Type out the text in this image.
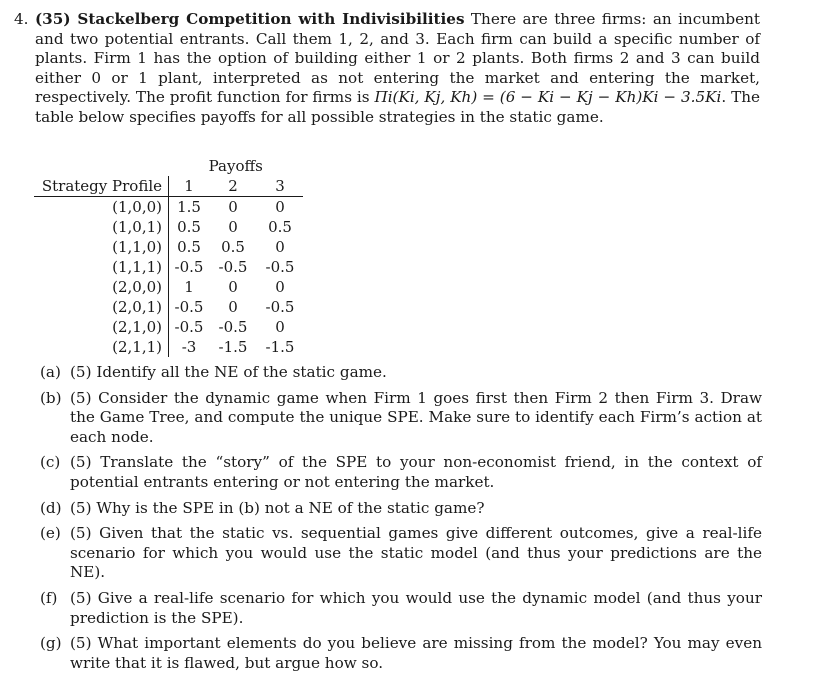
4. (35) Stackelberg Competition with Indivisibilities There are three firms: an incumbent and two potential entrants. Call them 1, 2, and 3. Each firm can build a specific number of plants. Firm 1 has the option of building either 1 or 2 plants. Both firms 2 and 3 can build either 0 or 1 plant, interpreted as not entering the market and entering the market, respectively. The profit function for firms is Πi(Ki, Kj, Kh) = (6 − Ki − Kj − Kh)Ki − 3.5Ki. The table below specifies payoffs for all possible strategies in the static game.
	Payoffs		
Strategy Profile	1	2	3
(1,0,0)	1.5	0	0
(1,0,1)	0.5	0	0.5
(1,1,0)	0.5	0.5	0
(1,1,1)	-0.5	-0.5	-0.5
(2,0,0)	1	0	0
(2,0,1)	-0.5	0	-0.5
(2,1,0)	-0.5	-0.5	0
(2,1,1)	-3	-1.5	-1.5
(a) (5) Identify all the NE of the static game.
(b) (5) Consider the dynamic game when Firm 1 goes first then Firm 2 then Firm 3. Draw the Game Tree, and compute the unique SPE. Make sure to identify each Firm’s action at each node.
(c) (5) Translate the “story” of the SPE to your non-economist friend, in the context of potential entrants entering or not entering the market.
(d) (5) Why is the SPE in (b) not a NE of the static game?
(e) (5) Given that the static vs. sequential games give different outcomes, give a real-life scenario for which you would use the static model (and thus your predictions are the NE).
(f) (5) Give a real-life scenario for which you would use the dynamic model (and thus your prediction is the SPE).
(g) (5) What important elements do you believe are missing from the model? You may even write that it is flawed, but argue how so.
